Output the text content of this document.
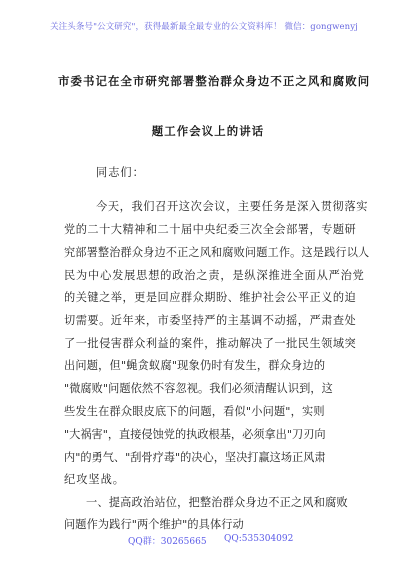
关注头条号"公文研究"，获得最新最全最专业的公文资料库！ 微信：gongwenyj
市委书记在全市研究部署整治群众身边不正之风和腐败问
题工作会议上的讲话
同志们：
今天，我们召开这次会议，主要任务是深入贯彻落实
党的二十大精神和二十届中央纪委三次全会部署，专题研
究部署整治群众身边不正之风和腐败问题工作。这是践行以人
民为中心发展思想的政治之责，是纵深推进全面从严治党
的关键之举，更是回应群众期盼、维护社会公平正义的迫
切需要。近年来，市委坚持严的主基调不动摇，严肃查处
了一批侵害群众利益的案件，推动解决了一批民生领域突
出问题，但"蝇贪蚁腐"现象仍时有发生，群众身边的
"微腐败"问题依然不容忽视。我们必须清醒认识到，这
些发生在群众眼皮底下的问题，看似"小问题"，实则
"大祸害"，直接侵蚀党的执政根基，必须拿出"刀刃向
内"的勇气、"刮骨疗毒"的决心，坚决打赢这场正风肃
纪攻坚战。
一、提高政治站位，把整治群众身边不正之风和腐败
问题作为践行"两个维护"的具体行动
QQ群：30265665 QQ:535304092
